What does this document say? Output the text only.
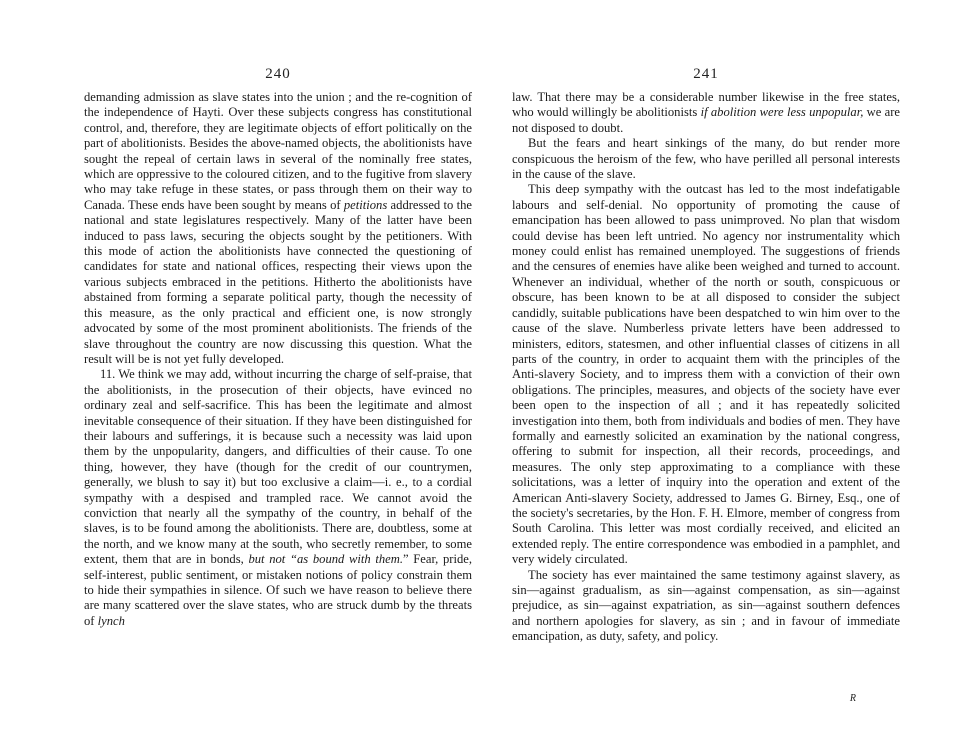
240

demanding admission as slave states into the union ; and the re-cognition of the independence of Hayti. Over these subjects congress has constitutional control, and, therefore, they are legitimate objects of effort politically on the part of abolitionists. Besides the above-named objects, the abolitionists have sought the repeal of certain laws in several of the nominally free states, which are oppressive to the coloured citizen, and to the fugitive from slavery who may take refuge in these states, or pass through them on their way to Canada. These ends have been sought by means of petitions addressed to the national and state legislatures respectively. Many of the latter have been induced to pass laws, securing the objects sought by the petitioners. With this mode of action the abolitionists have connected the questioning of candidates for state and national offices, respecting their views upon the various subjects embraced in the petitions. Hitherto the abolitionists have abstained from forming a separate political party, though the necessity of this measure, as the only practical and efficient one, is now strongly advocated by some of the most prominent abolitionists. The friends of the slave throughout the country are now discussing this question. What the result will be is not yet fully developed.

11. We think we may add, without incurring the charge of self-praise, that the abolitionists, in the prosecution of their objects, have evinced no ordinary zeal and self-sacrifice. This has been the legitimate and almost inevitable consequence of their situation. If they have been distinguished for their labours and sufferings, it is because such a necessity was laid upon them by the unpopularity, dangers, and difficulties of their cause. To one thing, however, they have (though for the credit of our countrymen, generally, we blush to say it) but too exclusive a claim—i. e., to a cordial sympathy with a despised and trampled race. We cannot avoid the conviction that nearly all the sympathy of the country, in behalf of the slaves, is to be found among the abolitionists. There are, doubtless, some at the north, and we know many at the south, who secretly remember, to some extent, them that are in bonds, but not “as bound with them.” Fear, pride, self-interest, public sentiment, or mistaken notions of policy constrain them to hide their sympathies in silence. Of such we have reason to believe there are many scattered over the slave states, who are struck dumb by the threats of lynch

241

law. That there may be a considerable number likewise in the free states, who would willingly be abolitionists if abolition were less unpopular, we are not disposed to doubt.

But the fears and heart sinkings of the many, do but render more conspicuous the heroism of the few, who have perilled all personal interests in the cause of the slave.

This deep sympathy with the outcast has led to the most indefatigable labours and self-denial. No opportunity of promoting the cause of emancipation has been allowed to pass unimproved. No plan that wisdom could devise has been left untried. No agency nor instrumentality which money could enlist has remained unemployed. The suggestions of friends and the censures of enemies have alike been weighed and turned to account. Whenever an individual, whether of the north or south, conspicuous or obscure, has been known to be at all disposed to consider the subject candidly, suitable publications have been despatched to win him over to the cause of the slave. Numberless private letters have been addressed to ministers, editors, statesmen, and other influential classes of citizens in all parts of the country, in order to acquaint them with the principles of the Anti-slavery Society, and to impress them with a conviction of their own obligations. The principles, measures, and objects of the society have ever been open to the inspection of all ; and it has repeatedly solicited investigation into them, both from individuals and bodies of men. They have formally and earnestly solicited an examination by the national congress, offering to submit for inspection, all their records, proceedings, and measures. The only step approximating to a compliance with these solicitations, was a letter of inquiry into the operation and extent of the American Anti-slavery Society, addressed to James G. Birney, Esq., one of the society's secretaries, by the Hon. F. H. Elmore, member of congress from South Carolina. This letter was most cordially received, and elicited an extended reply. The entire correspondence was embodied in a pamphlet, and very widely circulated.

The society has ever maintained the same testimony against slavery, as sin—against gradualism, as sin—against compensation, as sin—against prejudice, as sin—against expatriation, as sin—against southern defences and northern apologies for slavery, as sin ; and in favour of immediate emancipation, as duty, safety, and policy.

R
